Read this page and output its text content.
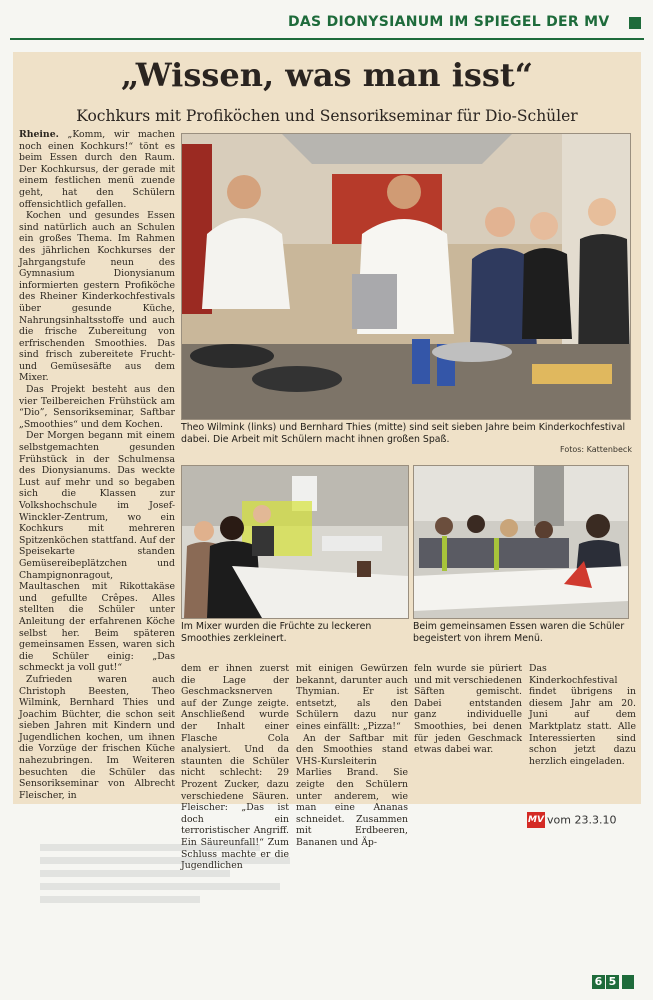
DAS DIONYSIANUM IM SPIEGEL DER MV
„Wissen, was man isst“
Kochkurs mit Profiköchen und Sensorikseminar für Dio-Schüler

Rheine. „Komm, wir machen noch einen Kochkurs!“ tönt es beim Essen durch den Raum. Der Kochkursus, der gerade mit einem festlichen menü zuende geht, hat den Schülern offensichtlich gefallen.

Kochen und gesundes Essen sind natürlich auch an Schulen ein großes Thema. Im Rahmen des jährlichen Kochkurses der Jahrgangstufe neun des Gymnasium Dionysianum informierten gestern Profiköche des Rheiner Kinderkochfestivals über gesunde Küche, Nahrungsinhaltsstoffe und auch die frische Zubereitung von erfrischenden Smoothies. Das sind frisch zubereitete Frucht- und Gemüsesäfte aus dem Mixer.

Das Projekt besteht aus den vier Teilbereichen Frühstück am “Dio”, Sensorikseminar, Saftbar „Smoothies“ und dem Kochen.

Der Morgen begann mit einem selbstgemachten gesunden Frühstück in der Schulmensa des Dionysianums. Das weckte Lust auf mehr und so begaben sich die Klassen zur Volkshochschule im Josef-Winckler-Zentrum, wo ein Kochkurs mit mehreren Spitzenköchen stattfand. Auf der Speisekarte standen Gemüsereibeplätzchen und Champignonragout, Maultaschen mit Rikottakäse und gefullte Crêpes. Alles stellten die Schüler unter Anleitung der erfahrenen Köche selbst her. Beim späteren gemeinsamen Essen, waren sich die Schüler einig: „Das schmeckt ja voll gut!“

Zufrieden waren auch Christoph Beesten, Theo Wilmink, Bernhard Thies und Joachim Büchter, die schon seit sieben Jahren mit Kindern und Jugendlichen kochen, um ihnen die Vorzüge der frischen Küche nahezubringen. Im Weiteren besuchten die Schüler das Sensorikseminar von Albrecht Fleischer, in

Theo Wilmink (links) und Bernhard Thies (mitte) sind seit sieben Jahre beim Kinderkochfestival dabei. Die Arbeit mit Schülern macht ihnen großen Spaß.
Fotos: Kattenbeck
Im Mixer wurden die Früchte zu leckeren Smoothies zerkleinert.
Beim gemeinsamen Essen waren die Schüler begeistert von ihrem Menü.

dem er ihnen zuerst die Lage der Geschmacksnerven auf der Zunge zeigte. Anschließend wurde der Inhalt einer Flasche Cola analysiert. Und da staunten die Schüler nicht schlecht: 29 Prozent Zucker, dazu verschiedene Säuren. Fleischer: „Das ist doch ein terroristischer Angriff. Ein Säureunfall!“ Zum Schluss machte er die Jugendlichen

mit einigen Gewürzen bekannt, darunter auch Thymian. Er ist entsetzt, als den Schülern dazu nur eines einfällt: „Pizza!“

An der Saftbar mit den Smoothies stand VHS-Kursleiterin Marlies Brand. Sie zeigte den Schülern unter anderem, wie man eine Ananas schneidet. Zusammen mit Erdbeeren, Bananen und Äp-

feln wurde sie püriert und mit verschiedenen Säften gemischt. Dabei entstanden ganz individuelle Smoothies, bei denen für jeden Geschmack etwas dabei war.

Das Kinderkochfestival findet übrigens in diesem Jahr am 20. Juni auf dem Marktplatz statt. Alle Interessierten sind schon jetzt dazu herzlich eingeladen.

MV vom 23.3.10
6 5
